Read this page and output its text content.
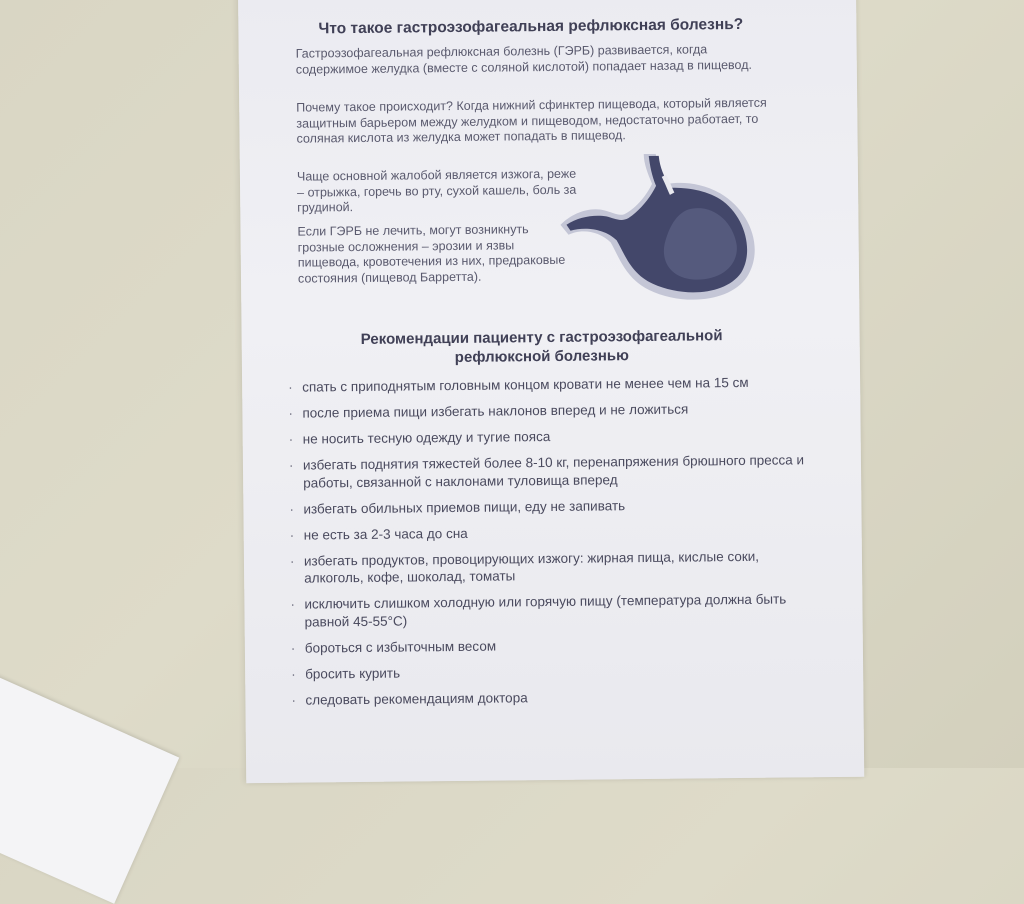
Что такое гастроэзофагеальная рефлюксная болезнь?
Гастроэзофагеальная рефлюксная болезнь (ГЭРБ) развивается, когда содержимое желудка (вместе с соляной кислотой) попадает назад в пищевод.
Почему такое происходит? Когда нижний сфинктер пищевода, который является защитным барьером между желудком и пищеводом, недостаточно работает, то соляная кислота из желудка может попадать в пищевод.
Чаще основной жалобой является изжога, реже – отрыжка, горечь во рту, сухой кашель, боль за грудиной.
Если ГЭРБ не лечить, могут возникнуть грозные осложнения – эрозии и язвы пищевода, кровотечения из них, предраковые состояния (пищевод Барретта).
Рекомендации пациенту с гастроэзофагеальной рефлюксной болезнью
· спать с приподнятым головным концом кровати не менее чем на 15 см
· после приема пищи избегать наклонов вперед и не ложиться
· не носить тесную одежду и тугие пояса
· избегать поднятия тяжестей более 8-10 кг, перенапряжения брюшного пресса и работы, связанной с наклонами туловища вперед
· избегать обильных приемов пищи, еду не запивать
· не есть за 2-3 часа до сна
· избегать продуктов, провоцирующих изжогу: жирная пища, кислые соки, алкоголь, кофе, шоколад, томаты
· исключить слишком холодную или горячую пищу (температура должна быть равной 45-55°С)
· бороться с избыточным весом
· бросить курить
· следовать рекомендациям доктора
